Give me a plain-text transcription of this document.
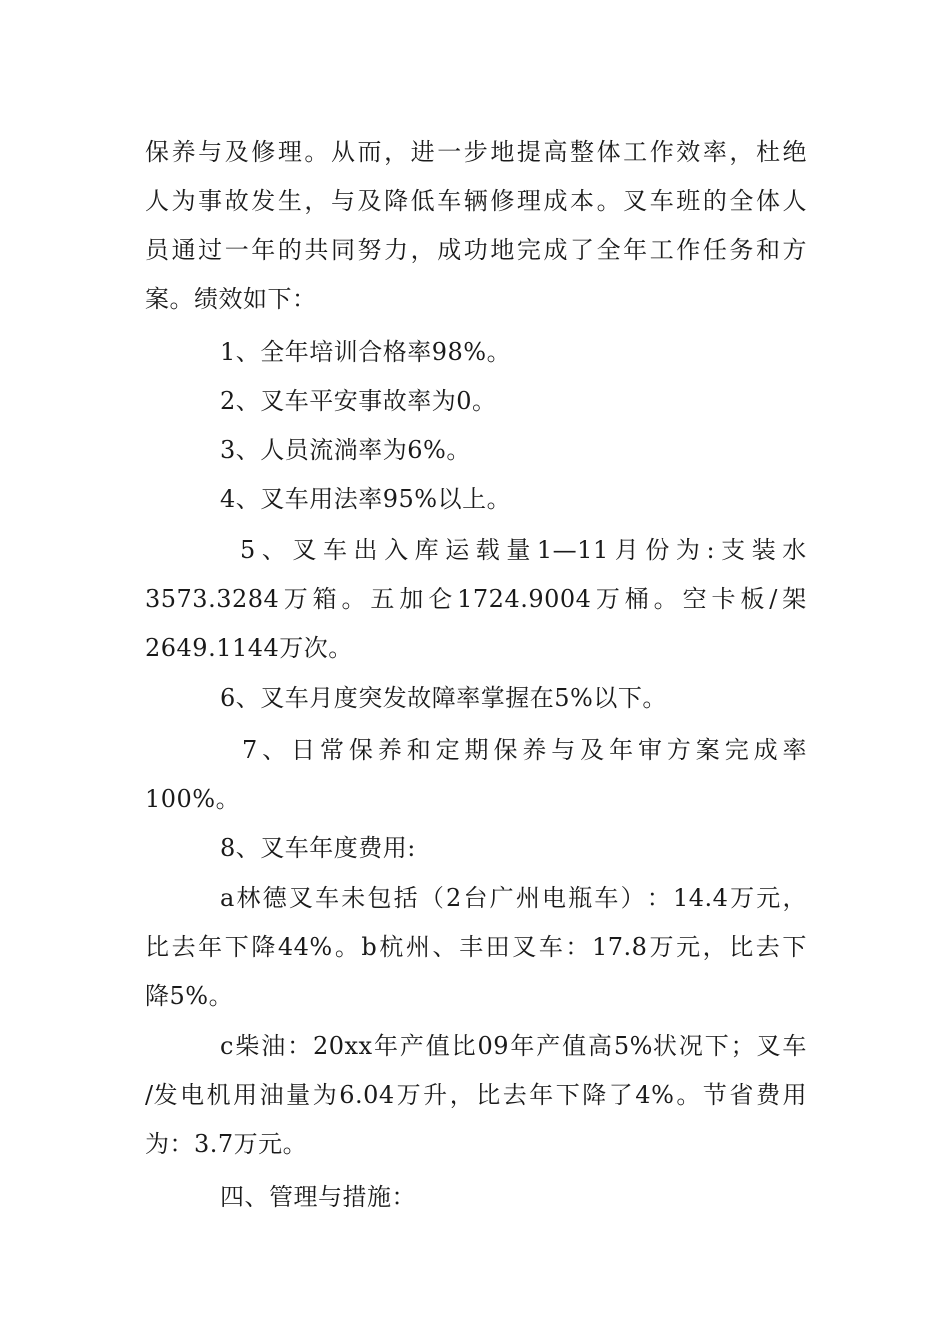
保 养 与 及 修 理 。 从 而 ， 进 一 步 地 提 高 整 体 工 作 效 率 ， 杜 绝
人 为 事 故 发 生 ， 与 及 降 低 车 辆 修 理 成 本 。 叉 车 班 的 全 体 人
员 通 过 一 年 的 共 同 努 力 ， 成 功 地 完 成 了 全 年 工 作 任 务 和 方
案。绩效如下：
1、全年培训合格率98%。
2、叉车平安事故率为0。
3、人员流淌率为6%。
4、叉车用法率95%以上。
5 、 叉 车 出 入 库 运 载 量 1—11 月 份 为 : 支 装 水
3573.3284 万 箱 。 五 加 仑 1724.9004 万 桶 。 空 卡 板 / 架
2649.1144万次。
6、叉车月度突发故障率掌握在5%以下。
7 、 日 常 保 养 和 定 期 保 养 与 及 年 审 方 案 完 成 率
100%。
8、叉车年度费用:
a 林 德 叉 车 未 包 括 （ 2 台 广 州 电 瓶 车 ） ： 14.4 万 元 ，
比 去 年 下 降 44% 。 b 杭 州 、 丰 田 叉 车 ： 17.8 万 元 ， 比 去 下
降5%。
c 柴 油 ： 20xx 年 产 值 比 09 年 产 值 高 5%状 况 下 ； 叉 车
/发 电 机 用 油 量 为 6.04 万 升 ， 比 去 年 下 降 了 4% 。 节 省 费 用
为：3.7万元。
四、管理与措施：
